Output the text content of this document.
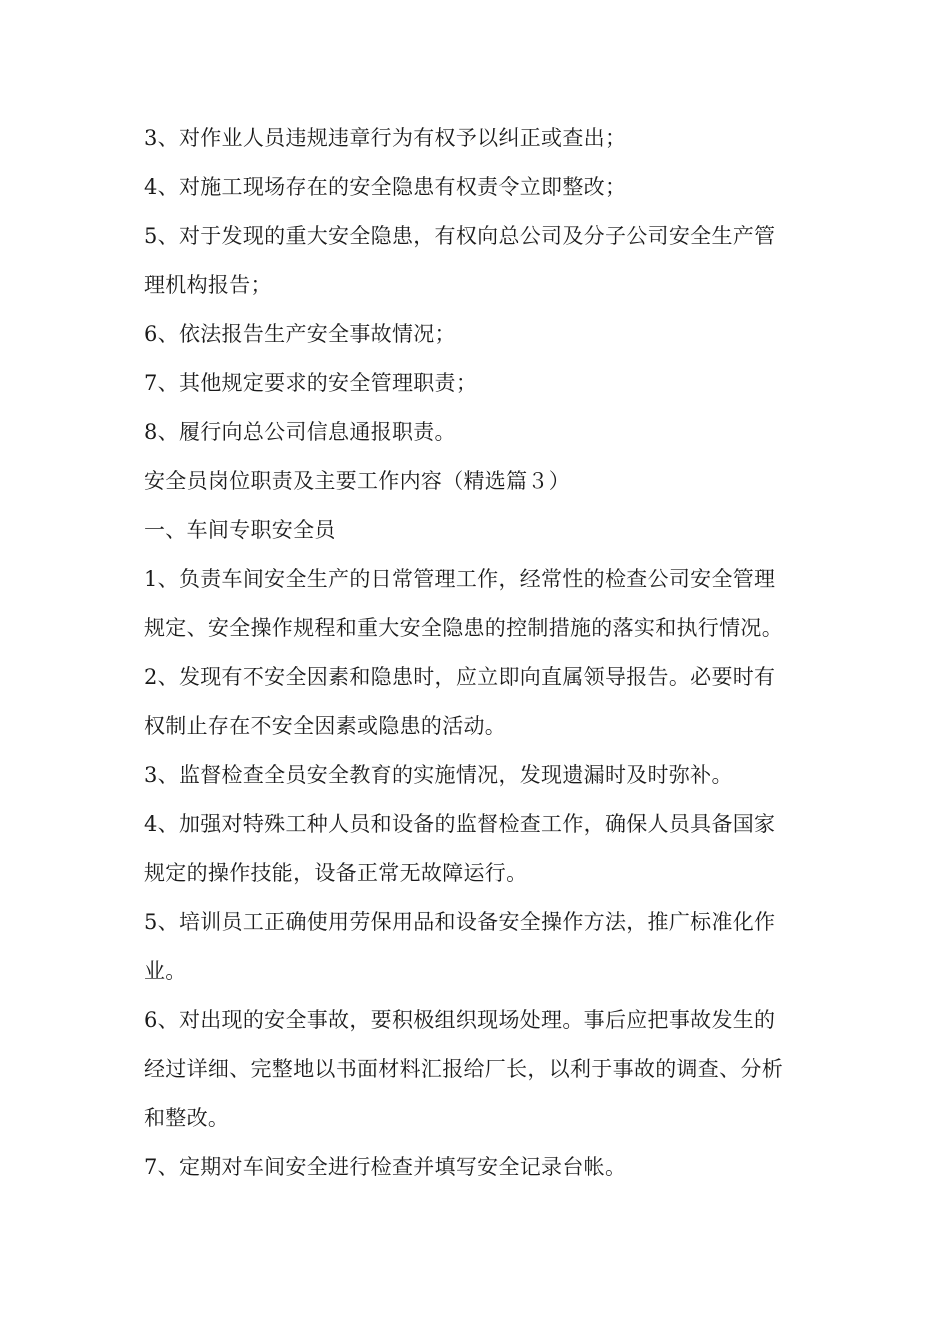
3、对作业人员违规违章行为有权予以纠正或查出；
4、对施工现场存在的安全隐患有权责令立即整改；
5、对于发现的重大安全隐患，有权向总公司及分子公司安全生产管
理机构报告；
6、依法报告生产安全事故情况；
7、其他规定要求的安全管理职责；
8、履行向总公司信息通报职责。
安全员岗位职责及主要工作内容（精选篇３）
一、车间专职安全员
1、负责车间安全生产的日常管理工作，经常性的检查公司安全管理
规定、安全操作规程和重大安全隐患的控制措施的落实和执行情况。
2、发现有不安全因素和隐患时，应立即向直属领导报告。必要时有
权制止存在不安全因素或隐患的活动。
3、监督检查全员安全教育的实施情况，发现遗漏时及时弥补。
4、加强对特殊工种人员和设备的监督检查工作，确保人员具备国家
规定的操作技能，设备正常无故障运行。
5、培训员工正确使用劳保用品和设备安全操作方法，推广标准化作
业。
6、对出现的安全事故，要积极组织现场处理。事后应把事故发生的
经过详细、完整地以书面材料汇报给厂长，以利于事故的调查、分析
和整改。
7、定期对车间安全进行检查并填写安全记录台帐。
